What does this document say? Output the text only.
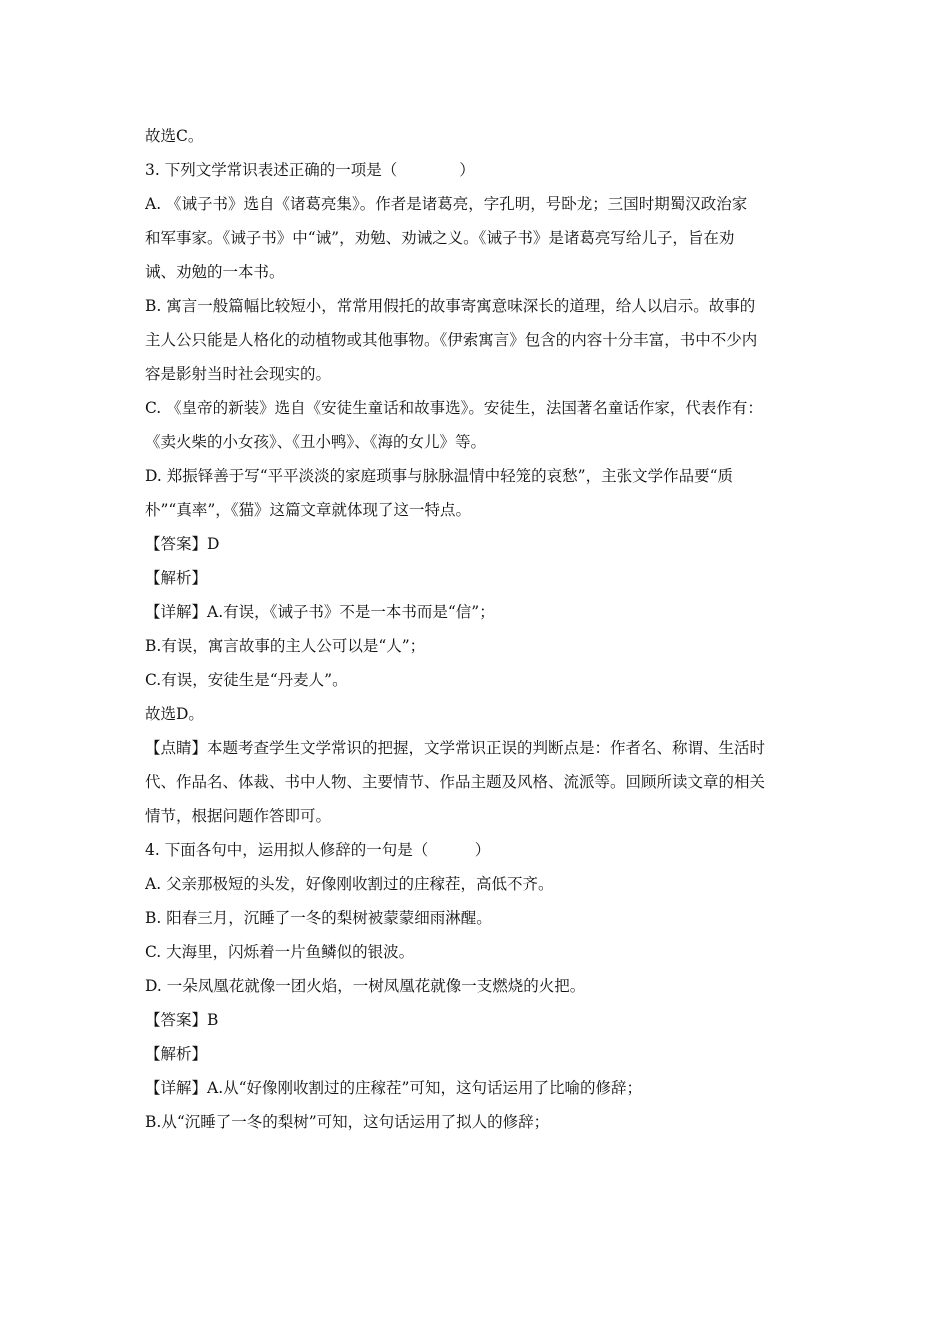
故选C。
3. 下列文学常识表述正确的一项是（　　　　）
A. 《诫子书》选自《诸葛亮集》。作者是诸葛亮，字孔明，号卧龙；三国时期蜀汉政治家
和军事家。《诫子书》中“诫”，劝勉、劝诫之义。《诫子书》是诸葛亮写给儿子，旨在劝
诫、劝勉的一本书。
B. 寓言一般篇幅比较短小，常常用假托的故事寄寓意味深长的道理，给人以启示。故事的
主人公只能是人格化的动植物或其他事物。《伊索寓言》包含的内容十分丰富，书中不少内
容是影射当时社会现实的。
C. 《皇帝的新装》选自《安徒生童话和故事选》。安徒生，法国著名童话作家，代表作有：
《卖火柴的小女孩》、《丑小鸭》、《海的女儿》等。
D. 郑振铎善于写“平平淡淡的家庭琐事与脉脉温情中轻笼的哀愁”，主张文学作品要“质
朴”“真率”，《猫》这篇文章就体现了这一特点。
【答案】D
【解析】
【详解】A.有误，《诫子书》不是一本书而是“信”；
B.有误，寓言故事的主人公可以是“人”；
C.有误，安徒生是“丹麦人”。
故选D。
【点睛】本题考查学生文学常识的把握，文学常识正误的判断点是：作者名、称谓、生活时
代、作品名、体裁、书中人物、主要情节、作品主题及风格、流派等。回顾所读文章的相关
情节，根据问题作答即可。
4. 下面各句中，运用拟人修辞的一句是（　　　）
A. 父亲那极短的头发，好像刚收割过的庄稼茬，高低不齐。
B. 阳春三月，沉睡了一冬的梨树被蒙蒙细雨淋醒。
C. 大海里，闪烁着一片鱼鳞似的银波。
D. 一朵凤凰花就像一团火焰，一树凤凰花就像一支燃烧的火把。
【答案】B
【解析】
【详解】A.从“好像刚收割过的庄稼茬”可知，这句话运用了比喻的修辞；
B.从“沉睡了一冬的梨树”可知，这句话运用了拟人的修辞；
